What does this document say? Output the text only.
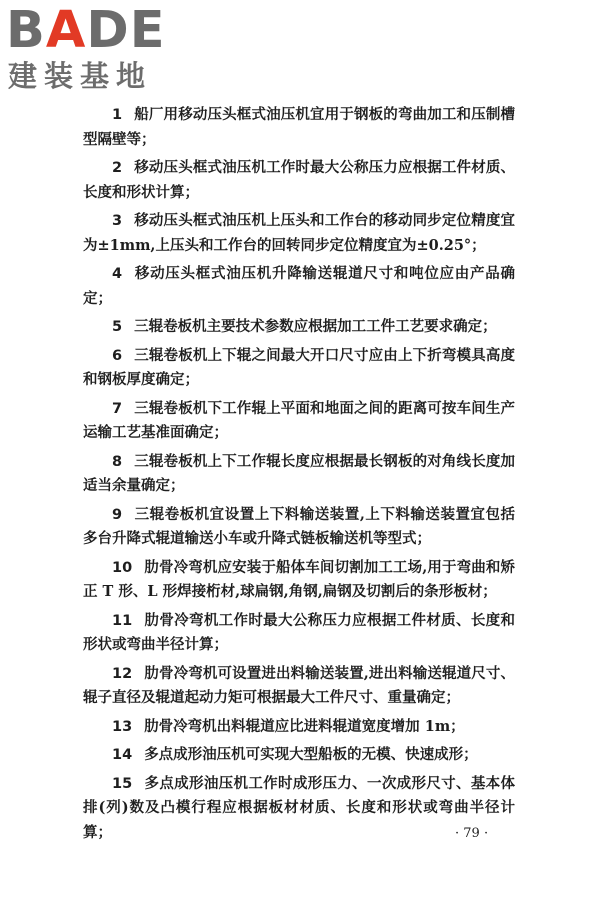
BADE
建装基地

1 船厂用移动压头框式油压机宜用于钢板的弯曲加工和压制槽型隔壁等；

2 移动压头框式油压机工作时最大公称压力应根据工件材质、长度和形状计算；

3 移动压头框式油压机上压头和工作台的移动同步定位精度宜为±1mm,上压头和工作台的回转同步定位精度宜为±0.25°；

4 移动压头框式油压机升降输送辊道尺寸和吨位应由产品确定；

5 三辊卷板机主要技术参数应根据加工工件工艺要求确定；

6 三辊卷板机上下辊之间最大开口尺寸应由上下折弯模具高度和钢板厚度确定；

7 三辊卷板机下工作辊上平面和地面之间的距离可按车间生产运输工艺基准面确定；

8 三辊卷板机上下工作辊长度应根据最长钢板的对角线长度加适当余量确定；

9 三辊卷板机宜设置上下料输送装置,上下料输送装置宜包括多台升降式辊道输送小车或升降式链板输送机等型式；

10 肋骨冷弯机应安装于船体车间切割加工工场,用于弯曲和矫正 T 形、L 形焊接桁材,球扁钢,角钢,扁钢及切割后的条形板材；

11 肋骨冷弯机工作时最大公称压力应根据工件材质、长度和形状或弯曲半径计算；

12 肋骨冷弯机可设置进出料输送装置,进出料输送辊道尺寸、辊子直径及辊道起动力矩可根据最大工件尺寸、重量确定；

13 肋骨冷弯机出料辊道应比进料辊道宽度增加 1m；

14 多点成形油压机可实现大型船板的无模、快速成形；

15 多点成形油压机工作时成形压力、一次成形尺寸、基本体排(列)数及凸模行程应根据板材材质、长度和形状或弯曲半径计算；	· 79 ·
